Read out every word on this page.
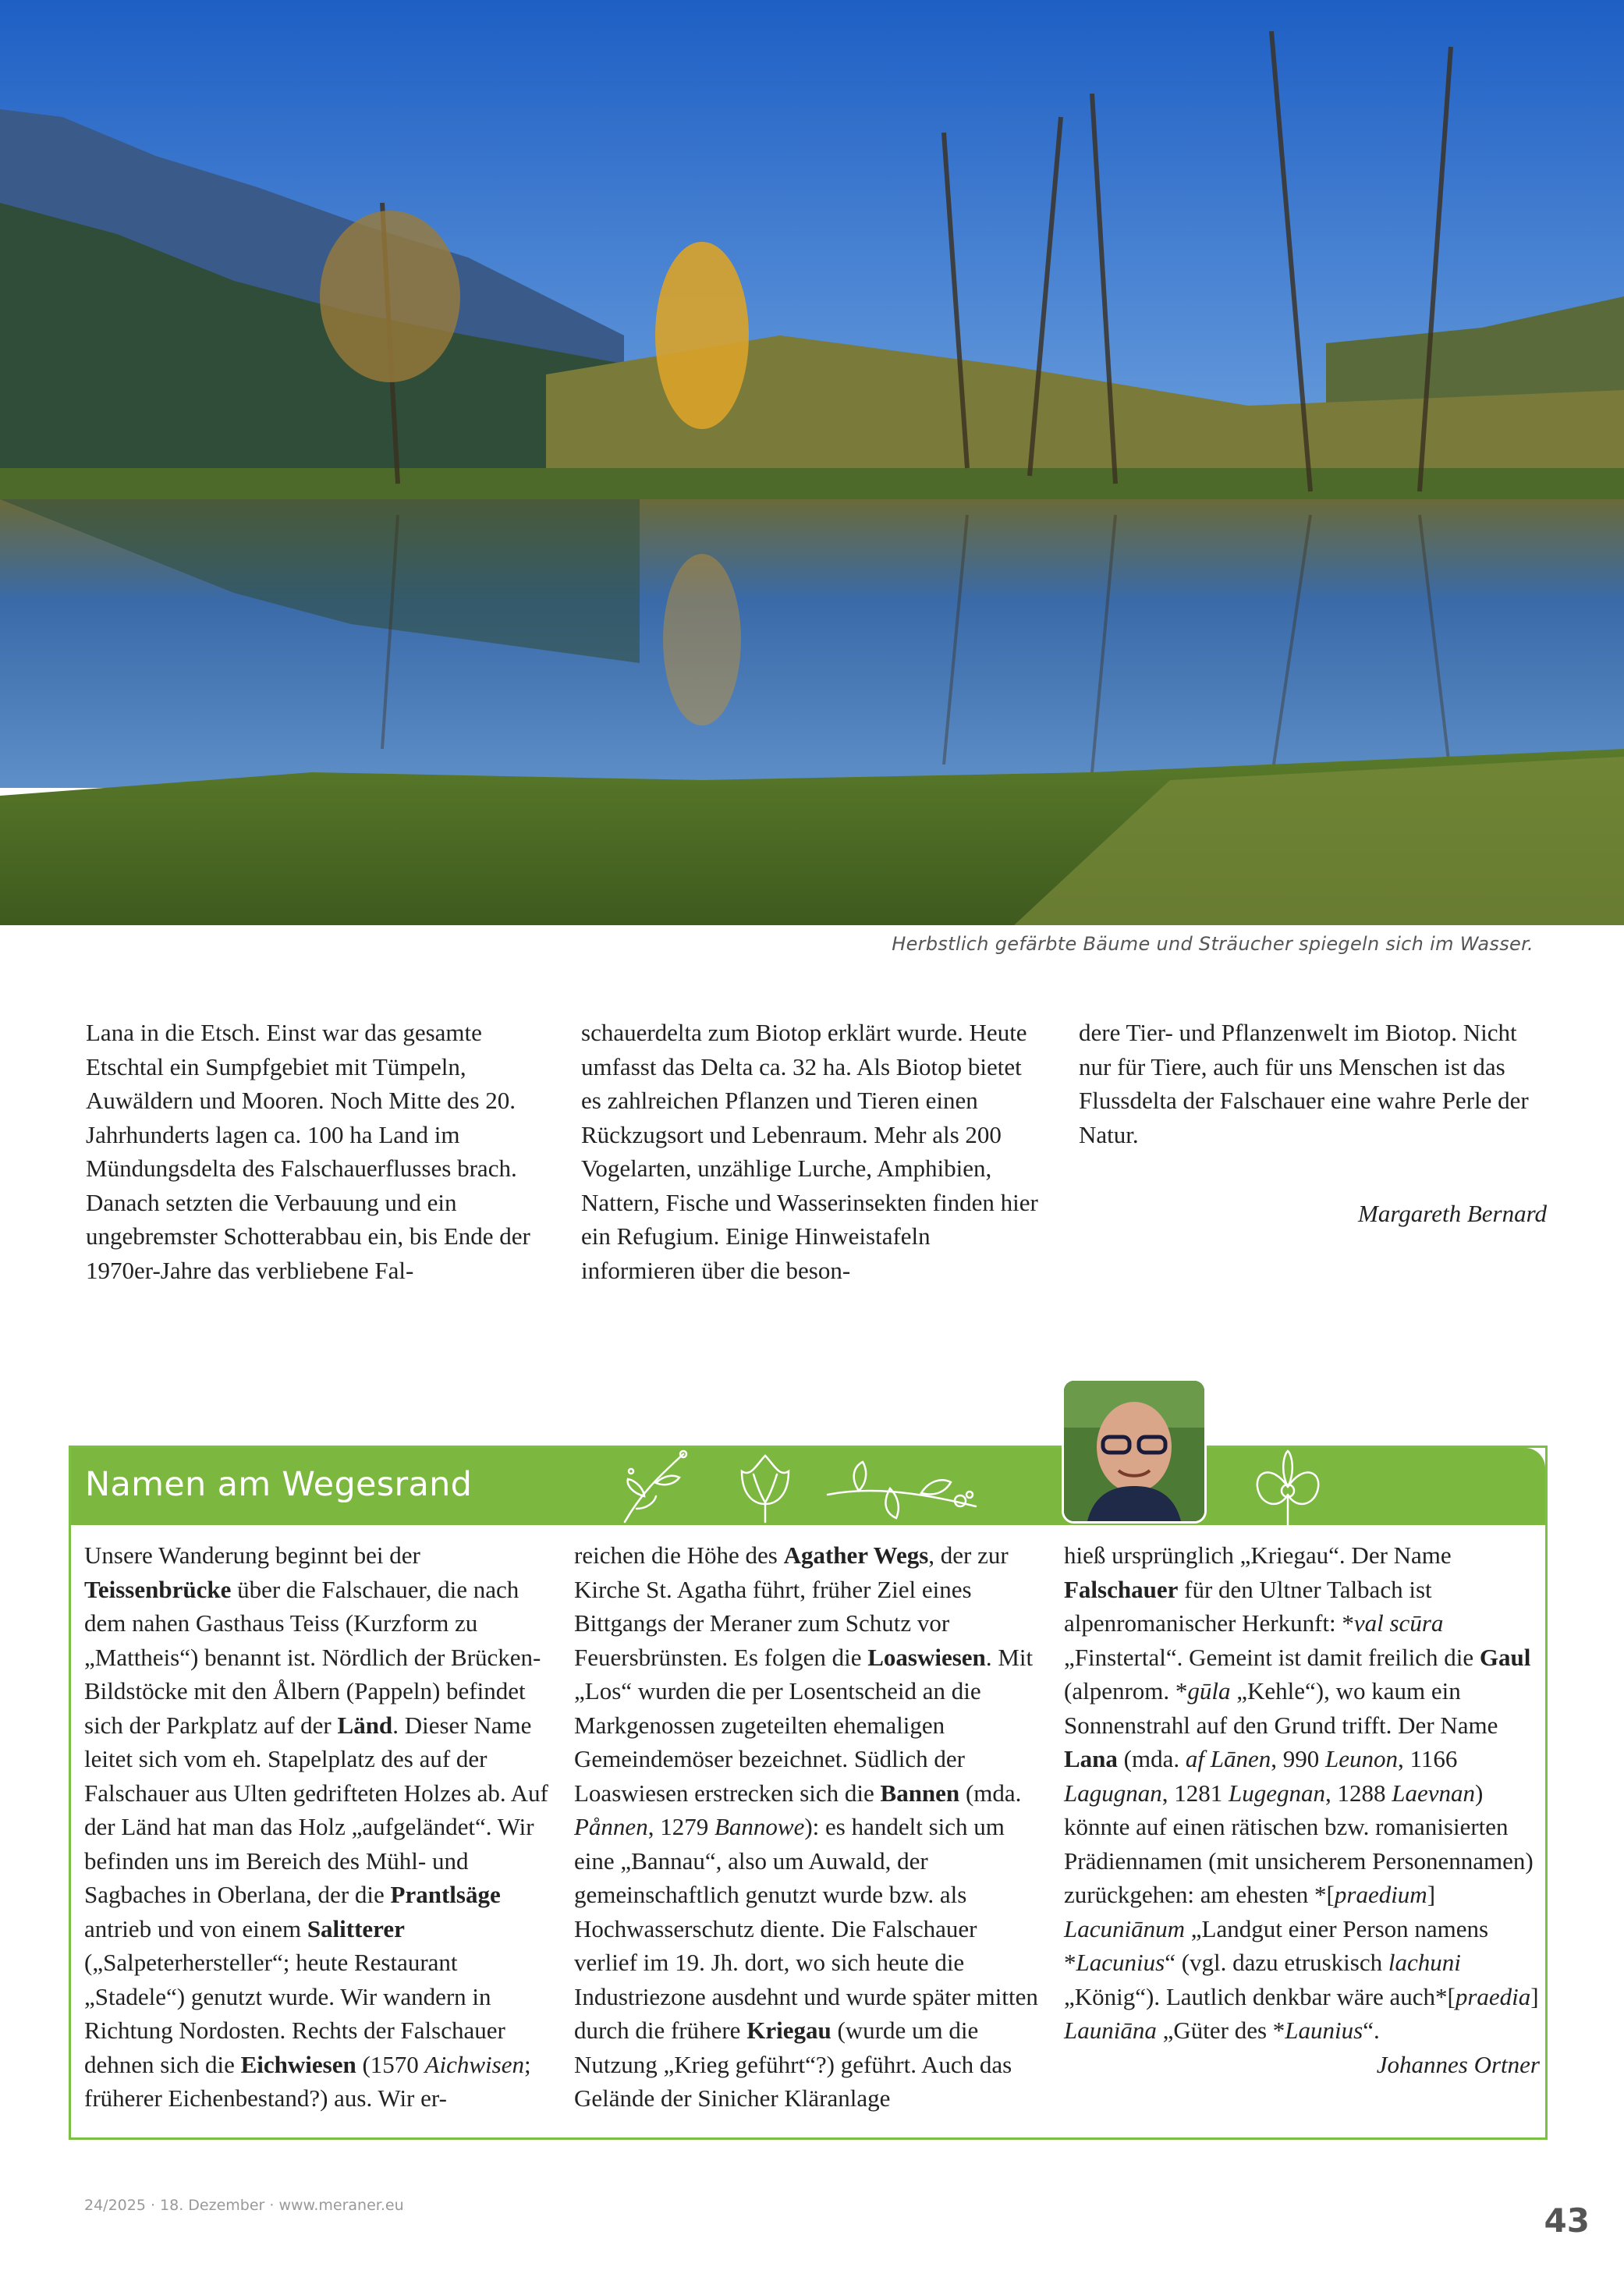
Herbstlich gefärbte Bäume und Sträucher spiegeln sich im Wasser.

Lana in die Etsch. Einst war das gesamte Etschtal ein Sumpfgebiet mit Tümpeln, Auwäldern und Mooren. Noch Mitte des 20. Jahrhunderts lagen ca. 100 ha Land im Mündungsdelta des Falschauerflusses brach. Danach setzten die Verbauung und ein ungebremster Schotterabbau ein, bis Ende der 1970er-Jahre das verbliebene Fal-

schauerdelta zum Biotop erklärt wurde. Heute umfasst das Delta ca. 32 ha. Als Biotop bietet es zahlreichen Pflanzen und Tieren einen Rückzugsort und Lebenraum. Mehr als 200 Vogelarten, unzählige Lurche, Amphibien, Nattern, Fische und Wasserinsekten finden hier ein Refugium. Einige Hinweistafeln informieren über die beson-

dere Tier- und Pflanzenwelt im Biotop. Nicht nur für Tiere, auch für uns Menschen ist das Flussdelta der Falschauer eine wahre Perle der Natur.

Margareth Bernard

Namen am Wegesrand

Unsere Wanderung beginnt bei der Teissenbrücke über die Falschauer, die nach dem nahen Gasthaus Teiss (Kurzform zu „Mattheis“) benannt ist. Nördlich der Brücken-Bildstöcke mit den Ålbern (Pappeln) befindet sich der Parkplatz auf der Länd. Dieser Name leitet sich vom eh. Stapelplatz des auf der Falschauer aus Ulten gedrifteten Holzes ab. Auf der Länd hat man das Holz „aufgeländet“. Wir befinden uns im Bereich des Mühl- und Sagbaches in Oberlana, der die Prantlsäge antrieb und von einem Salitterer („Salpeterhersteller“; heute Restaurant „Stadele“) genutzt wurde. Wir wandern in Richtung Nordosten. Rechts der Falschauer dehnen sich die Eichwiesen (1570 Aichwisen; früherer Eichenbestand?) aus. Wir er-

reichen die Höhe des Agather Wegs, der zur Kirche St. Agatha führt, früher Ziel eines Bittgangs der Meraner zum Schutz vor Feuersbrünsten. Es folgen die Loaswiesen. Mit „Los“ wurden die per Losentscheid an die Markgenossen zugeteilten ehemaligen Gemeindemöser bezeichnet. Südlich der Loaswiesen erstrecken sich die Bannen (mda. Pånnen, 1279 Bannowe): es handelt sich um eine „Bannau“, also um Auwald, der gemeinschaftlich genutzt wurde bzw. als Hochwasserschutz diente. Die Falschauer verlief im 19. Jh. dort, wo sich heute die Industriezone ausdehnt und wurde später mitten durch die frühere Kriegau (wurde um die Nutzung „Krieg geführt“?) geführt. Auch das Gelände der Sinicher Kläranlage

hieß ursprünglich „Kriegau“. Der Name Falschauer für den Ultner Talbach ist alpenromanischer Herkunft: *val scūra „Finstertal“. Gemeint ist damit freilich die Gaul (alpenrom. *gūla „Kehle“), wo kaum ein Sonnenstrahl auf den Grund trifft. Der Name Lana (mda. af Lānen, 990 Leunon, 1166 Lagugnan, 1281 Lugegnan, 1288 Laevnan) könnte auf einen rätischen bzw. romanisierten Prädiennamen (mit unsicherem Personennamen) zurückgehen: am ehesten *[praedium] Lacuniānum „Landgut einer Person namens *Lacunius“ (vgl. dazu etruskisch lachuni „König“). Lautlich denkbar wäre auch*[praedia] Launiāna „Güter des *Launius“.

Johannes Ortner

24/2025 · 18. Dezember · www.meraner.eu	43
